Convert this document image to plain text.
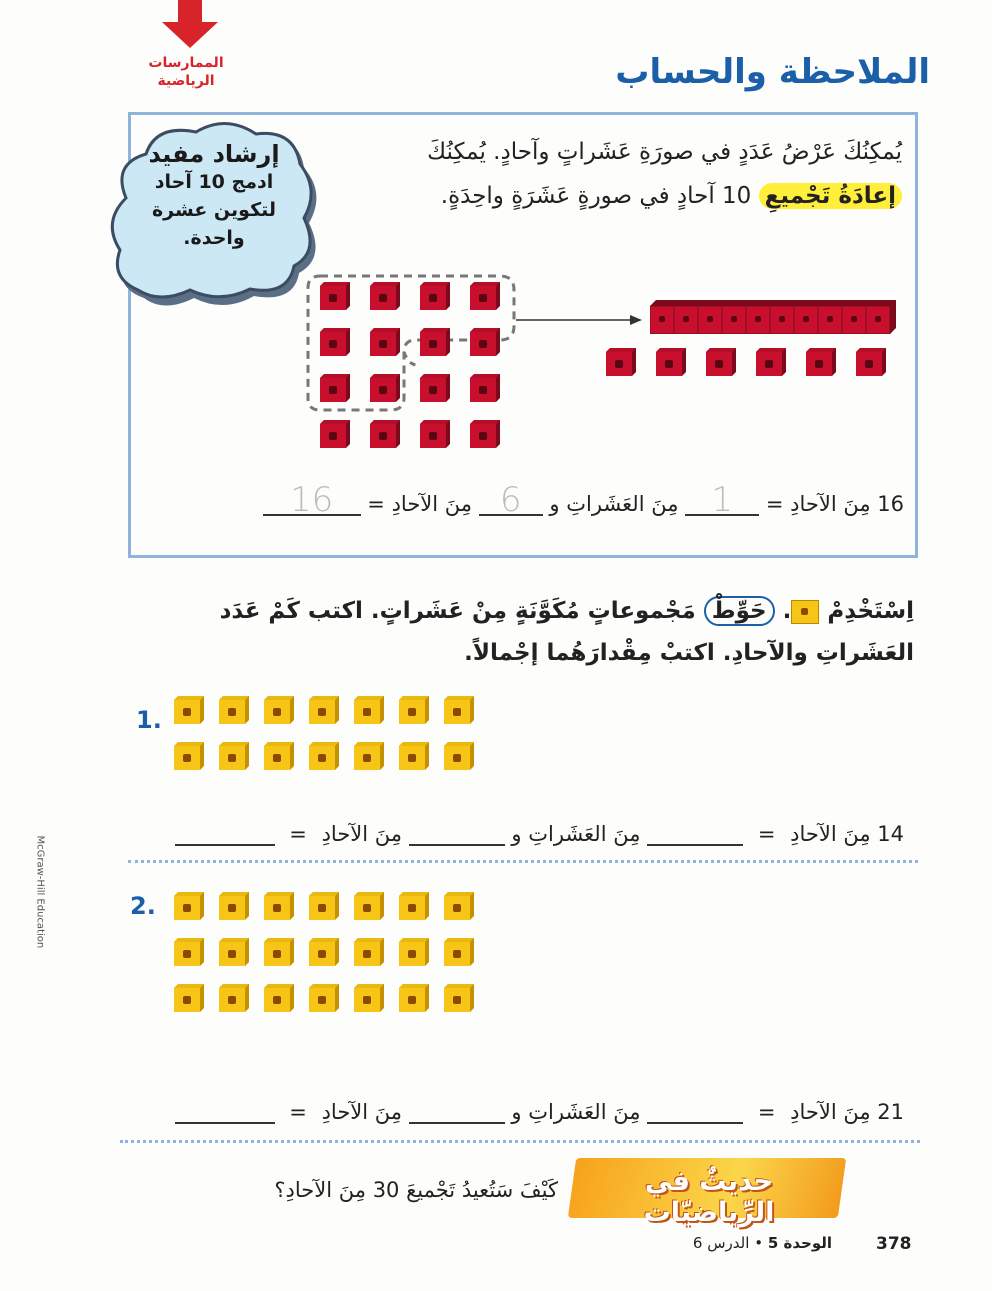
الممارسات
الرياضية	الملاحظة والحساب
إرشاد مفيد
ادمج 10 آحاد
لتكوين عشرة
واحدة.
يُمكِنُكَ عَرْضُ عَدَدٍ في صورَةِ عَشَراتٍ وآحادٍ. يُمكِنُكَ
إعادَةُ تَجْميعِ 10 آحادٍ في صورةٍ عَشَرَةٍ واحِدَةٍ.
16 مِنَ الآحادِ = 1 مِنَ العَشَراتِ و 6 مِنَ الآحادِ = 16
اِسْتَخْدِمْ
. حَوِّطْ مَجْموعاتٍ مُكَوَّنَةٍ مِنْ عَشَراتٍ. اكتب كَمْ عَدَد
العَشَراتِ والآحادِ. اكتبْ مِقْدارَهُما إجْمالاً.
1.
14 مِنَ الآحادِ =  مِنَ العَشَراتِ و  مِنَ الآحادِ =
2.
21 مِنَ الآحادِ =  مِنَ العَشَراتِ و  مِنَ الآحادِ =
حديثٌ في الرِّياضيّات
كَيْفَ سَتُعيدُ تَجْميعَ 30 مِنَ الآحادِ؟
378
الوحدة 5 • الدرس 6
McGraw-Hill Education
